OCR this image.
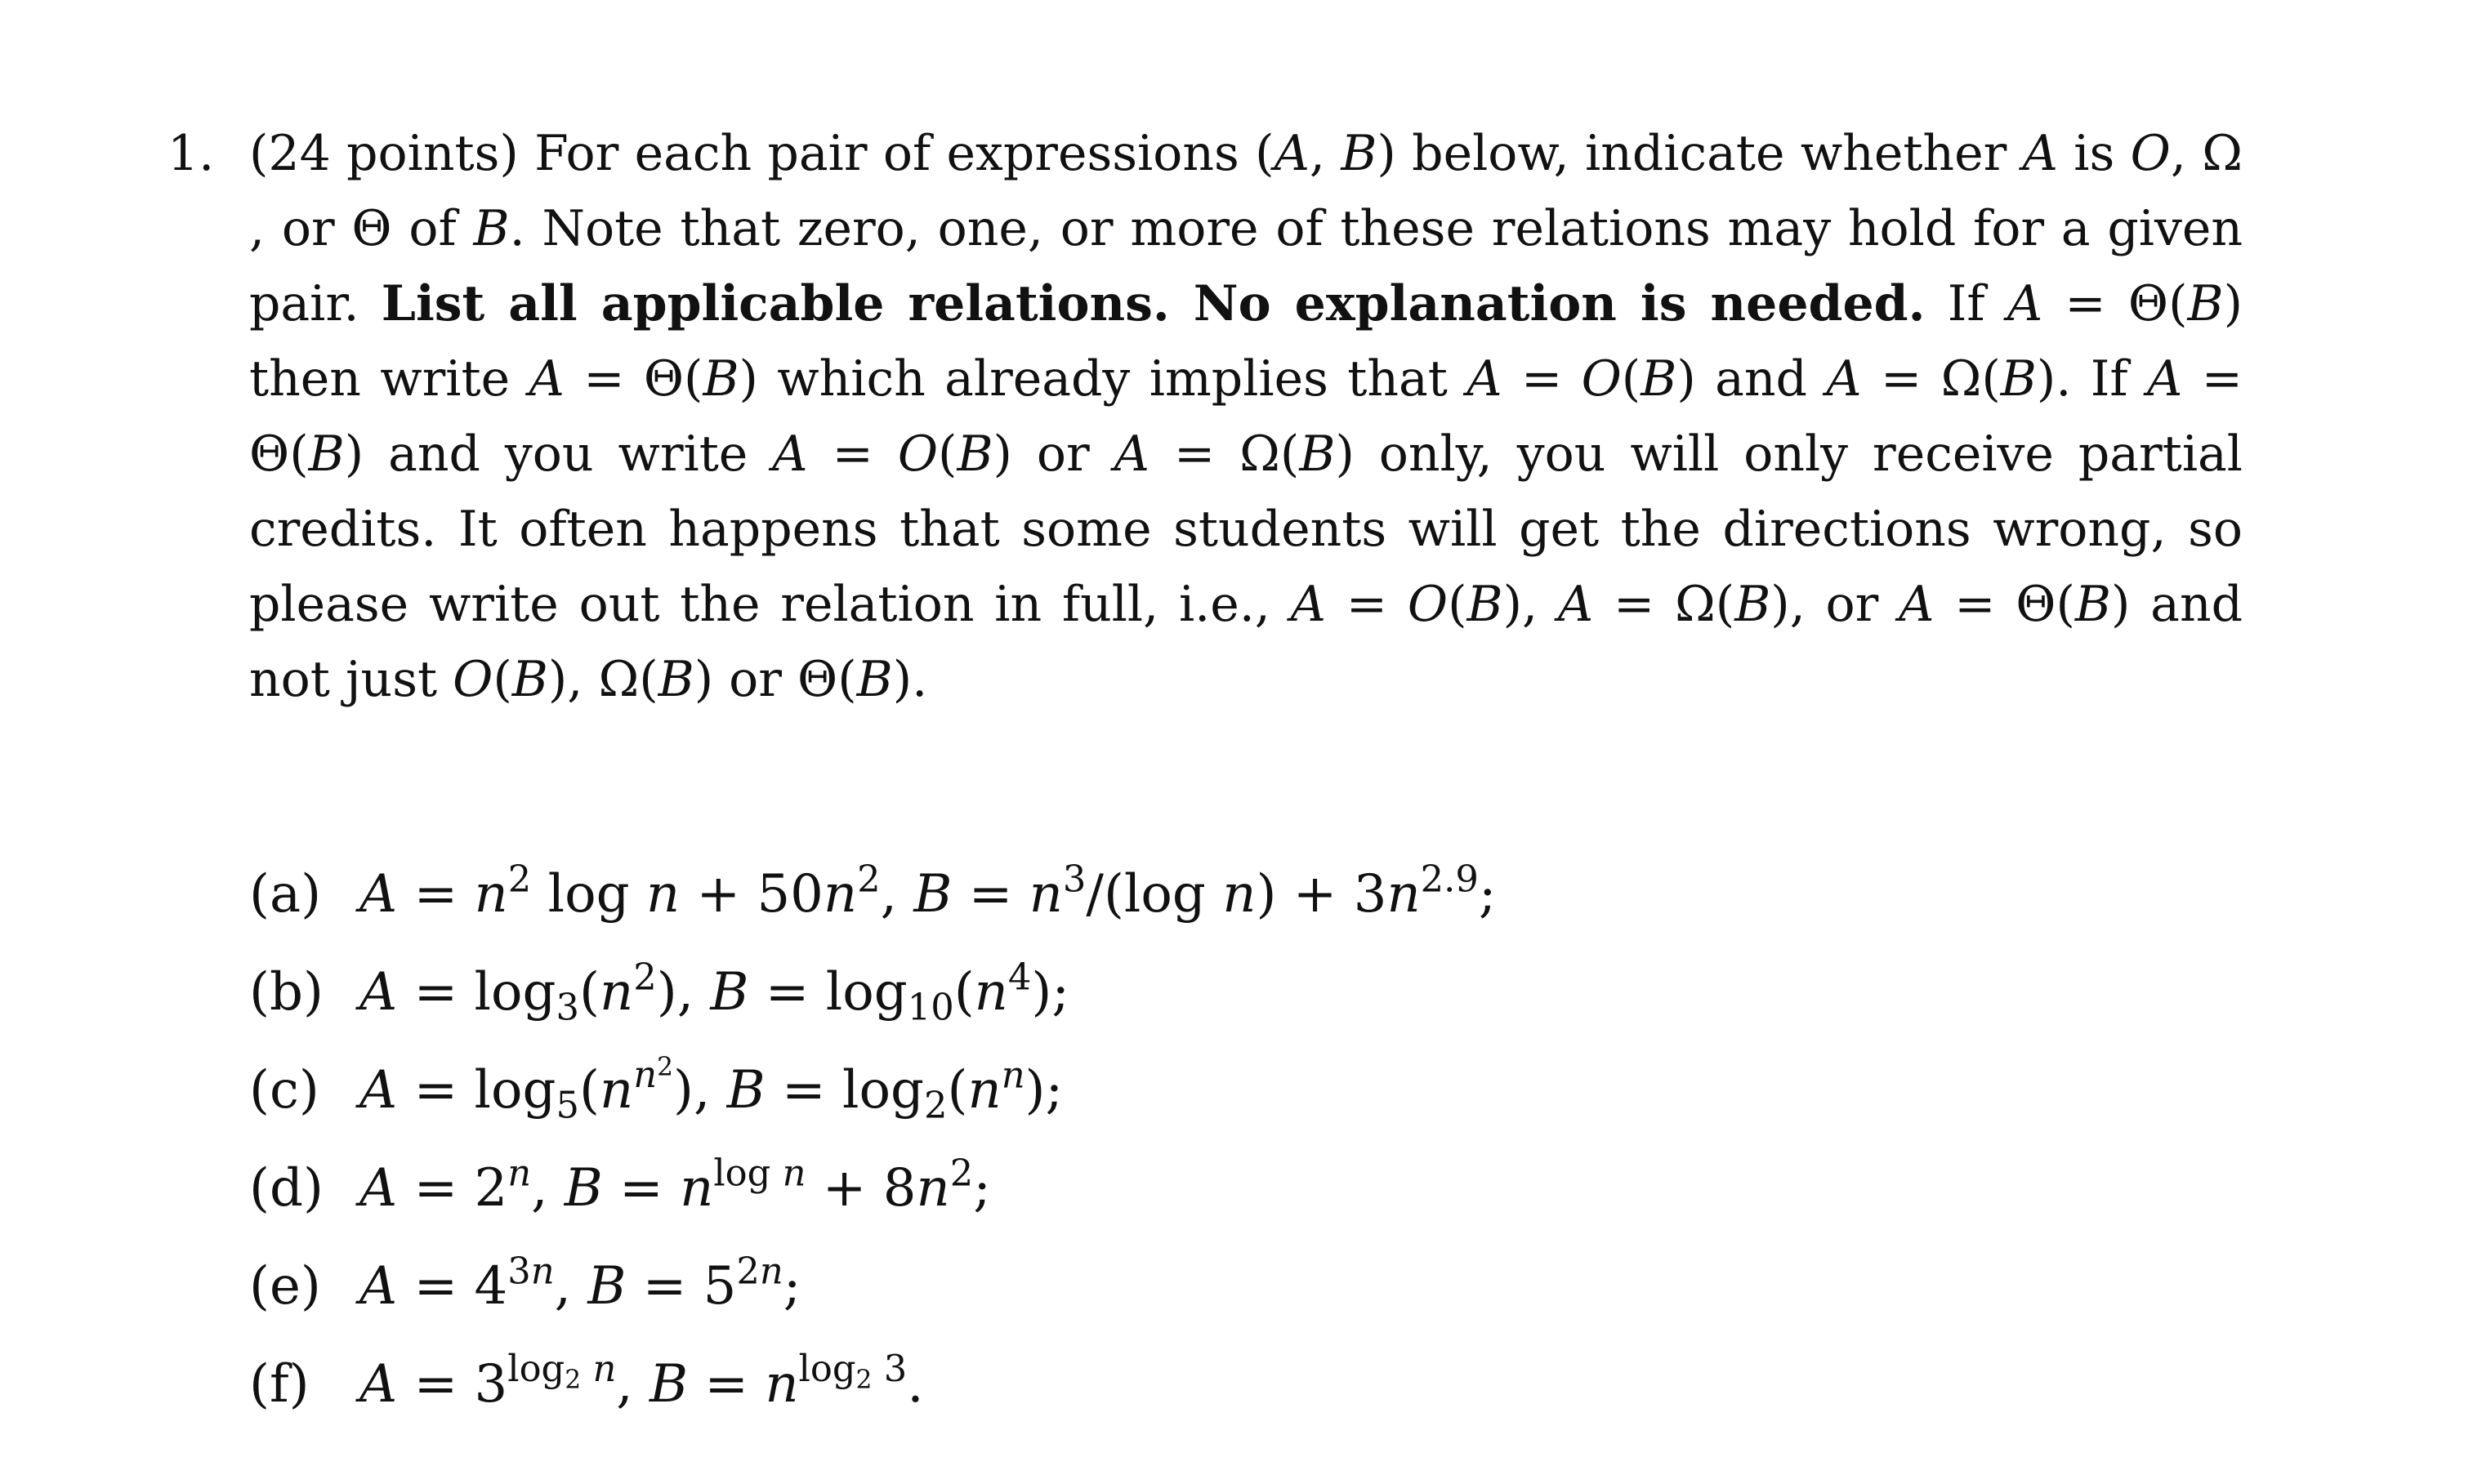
1. (24 points) For each pair of expressions (A, B) below, indicate whether A is O, Ω , or Θ of B. Note that zero, one, or more of these relations may hold for a given pair. List all applicable relations. No explanation is needed. If A = Θ(B) then write A = Θ(B) which already implies that A = O(B) and A = Ω(B). If A = Θ(B) and you write A = O(B) or A = Ω(B) only, you will only receive partial credits. It often happens that some students will get the directions wrong, so please write out the relation in full, i.e., A = O(B), A = Ω(B), or A = Θ(B) and not just O(B), Ω(B) or Θ(B).
(a) $A = n^2$ $\log n + 50n^2$, $B = n^3/(\log$ $n) + 3n^{2.9}$;
(b) $A = \log_3(n^2)$, $B = \log_{10}(n^4)$;
(c) $A = \log_5(n^{n^2})$, $B = \log_2(n^n)$;
(d) $A = 2^n$, $B = n^{log n} + 8n^2$;
(e) $A = 4^{3n}$, $B = 5^{2n}$;
(f) $A = 3^{log_2 n}$, $B = n^{log_2 3}$.
